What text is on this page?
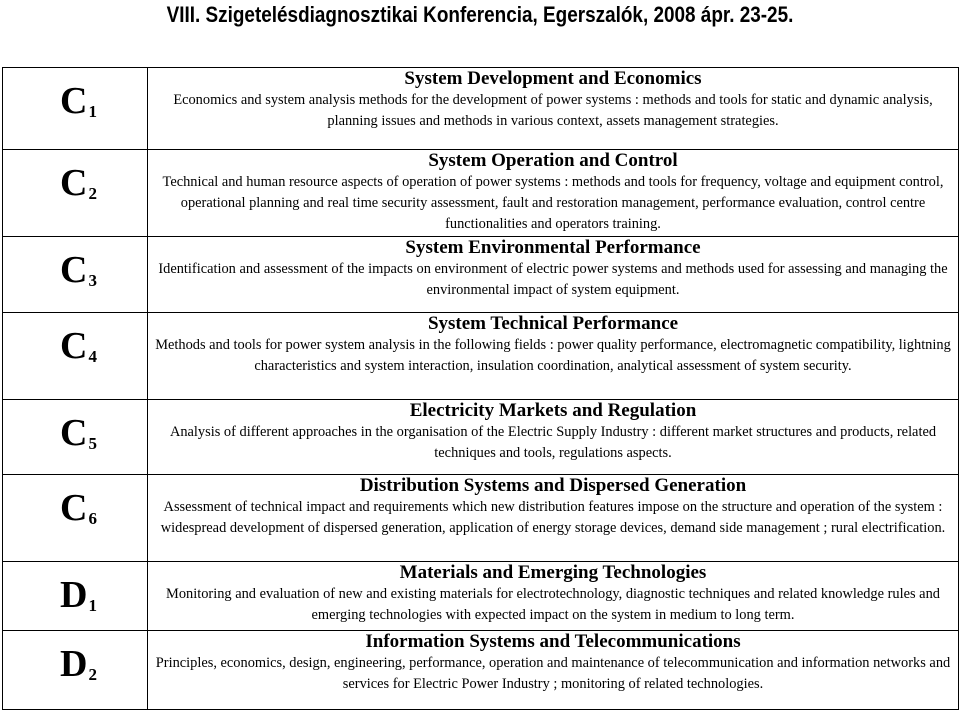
VIII. Szigetelésdiagnosztikai Konferencia, Egerszalók, 2008 ápr. 23-25.
$C_1$	System Development and Economics
Economics and system analysis methods for the development of power systems : methods and tools for static and dynamic analysis, planning issues and methods in various context, assets management strategies.

$C_2$	System Operation and Control
Technical and human resource aspects of operation of power systems : methods and tools for frequency, voltage and equipment control, operational planning and real time security assessment, fault and restoration management, performance evaluation, control centre functionalities and operators training.

$C_3$	System Environmental Performance
Identification and assessment of the impacts on environment of electric power systems and methods used for assessing and managing the environmental impact of system equipment.

$C_4$	System Technical Performance
Methods and tools for power system analysis in the following fields : power quality performance, electromagnetic compatibility, lightning characteristics and system interaction, insulation coordination, analytical assessment of system security.

$C_5$	Electricity Markets and Regulation
Analysis of different approaches in the organisation of the Electric Supply Industry : different market structures and products, related techniques and tools, regulations aspects.

$C_6$	Distribution Systems and Dispersed Generation
Assessment of technical impact and requirements which new distribution features impose on the structure and operation of the system : widespread development of dispersed generation, application of energy storage devices, demand side management ; rural electrification.

$D_1$	Materials and Emerging Technologies
Monitoring and evaluation of new and existing materials for electrotechnology, diagnostic techniques and related knowledge rules and emerging technologies with expected impact on the system in medium to long term.

$D_2$	Information Systems and Telecommunications
Principles, economics, design, engineering, performance, operation and maintenance of telecommunication and information networks and services for Electric Power Industry ; monitoring of related technologies.
